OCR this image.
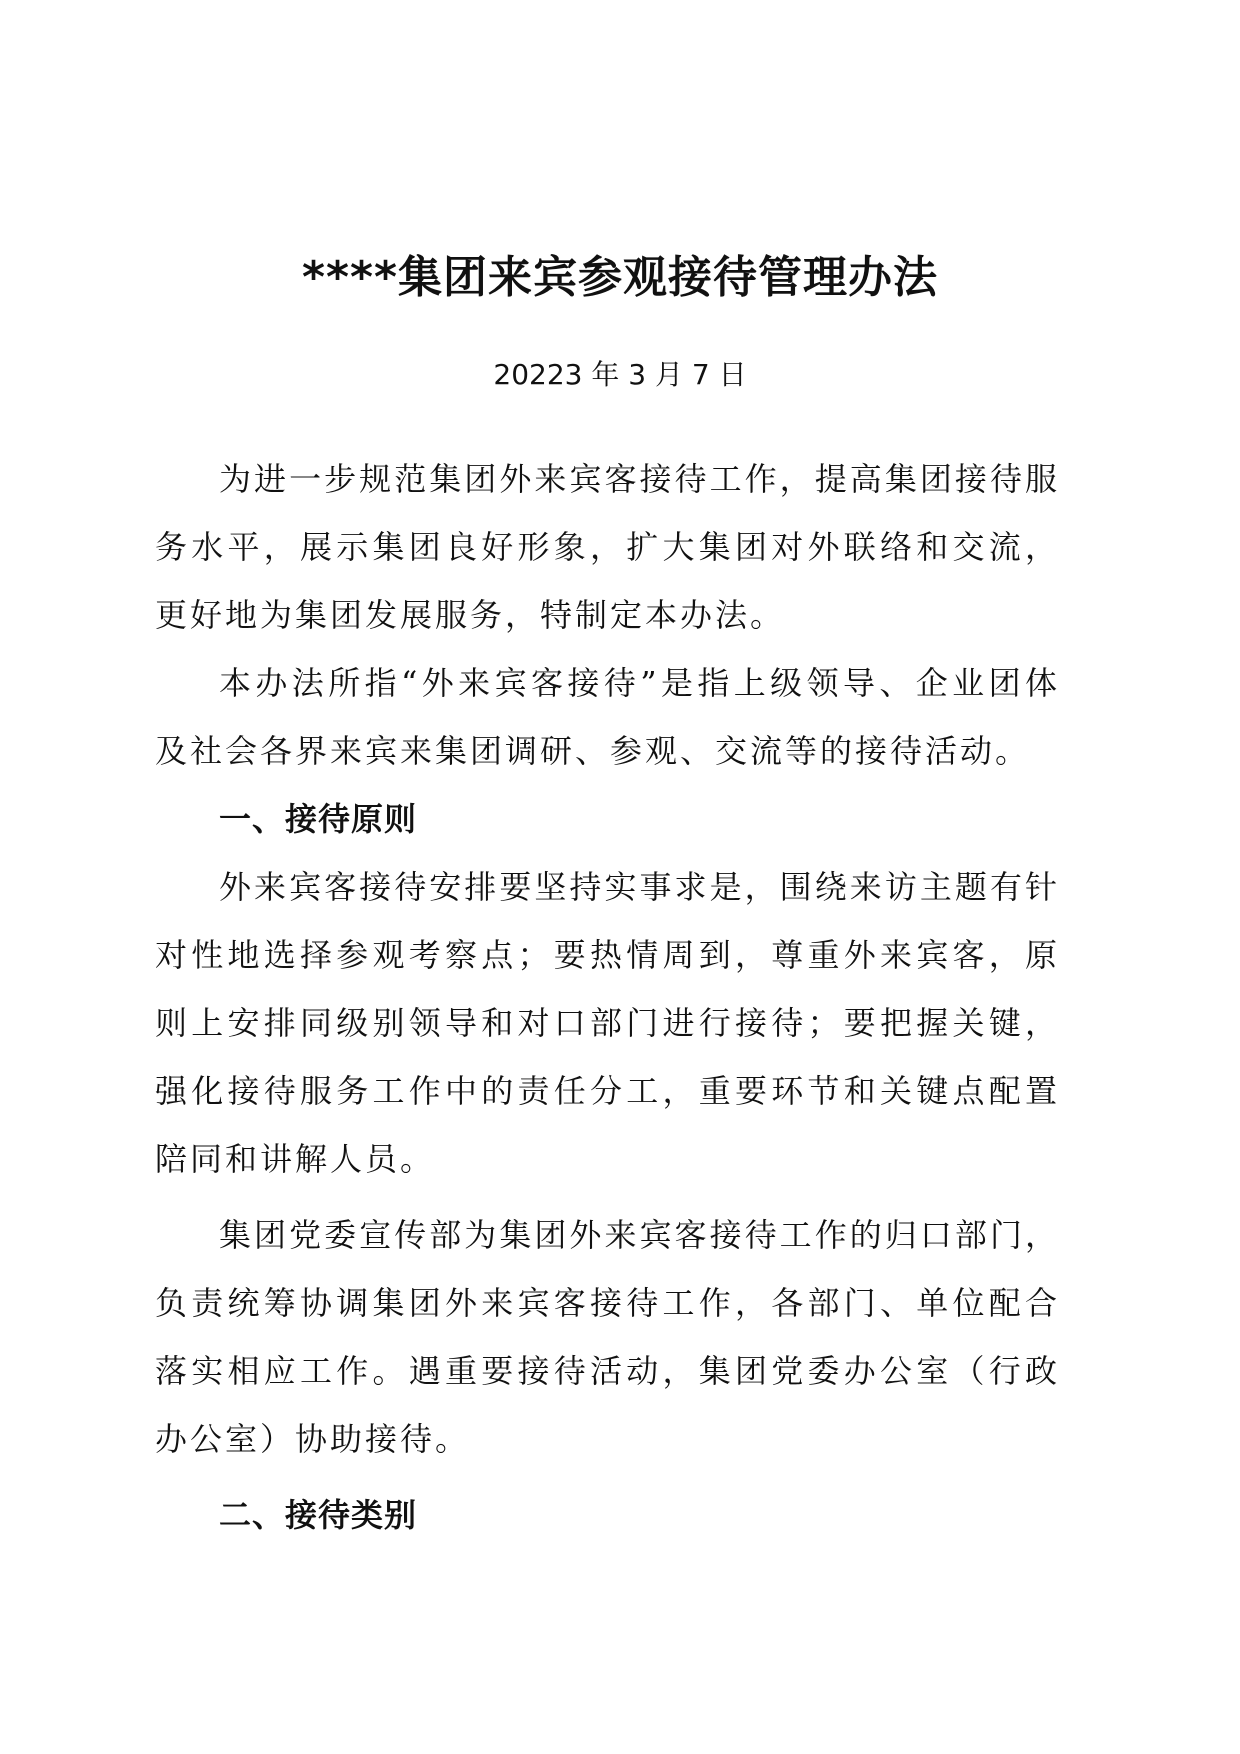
****集团来宾参观接待管理办法
20223 年 3 月 7 日

为进一步规范集团外来宾客接待工作，提高集团接待服务水平，展示集团良好形象，扩大集团对外联络和交流，更好地为集团发展服务，特制定本办法。

本办法所指“外来宾客接待”是指上级领导、企业团体及社会各界来宾来集团调研、参观、交流等的接待活动。

一、接待原则

外来宾客接待安排要坚持实事求是，围绕来访主题有针对性地选择参观考察点；要热情周到，尊重外来宾客，原则上安排同级别领导和对口部门进行接待；要把握关键，强化接待服务工作中的责任分工，重要环节和关键点配置陪同和讲解人员。

集团党委宣传部为集团外来宾客接待工作的归口部门，负责统筹协调集团外来宾客接待工作，各部门、单位配合落实相应工作。遇重要接待活动，集团党委办公室（行政办公室）协助接待。

二、接待类别
